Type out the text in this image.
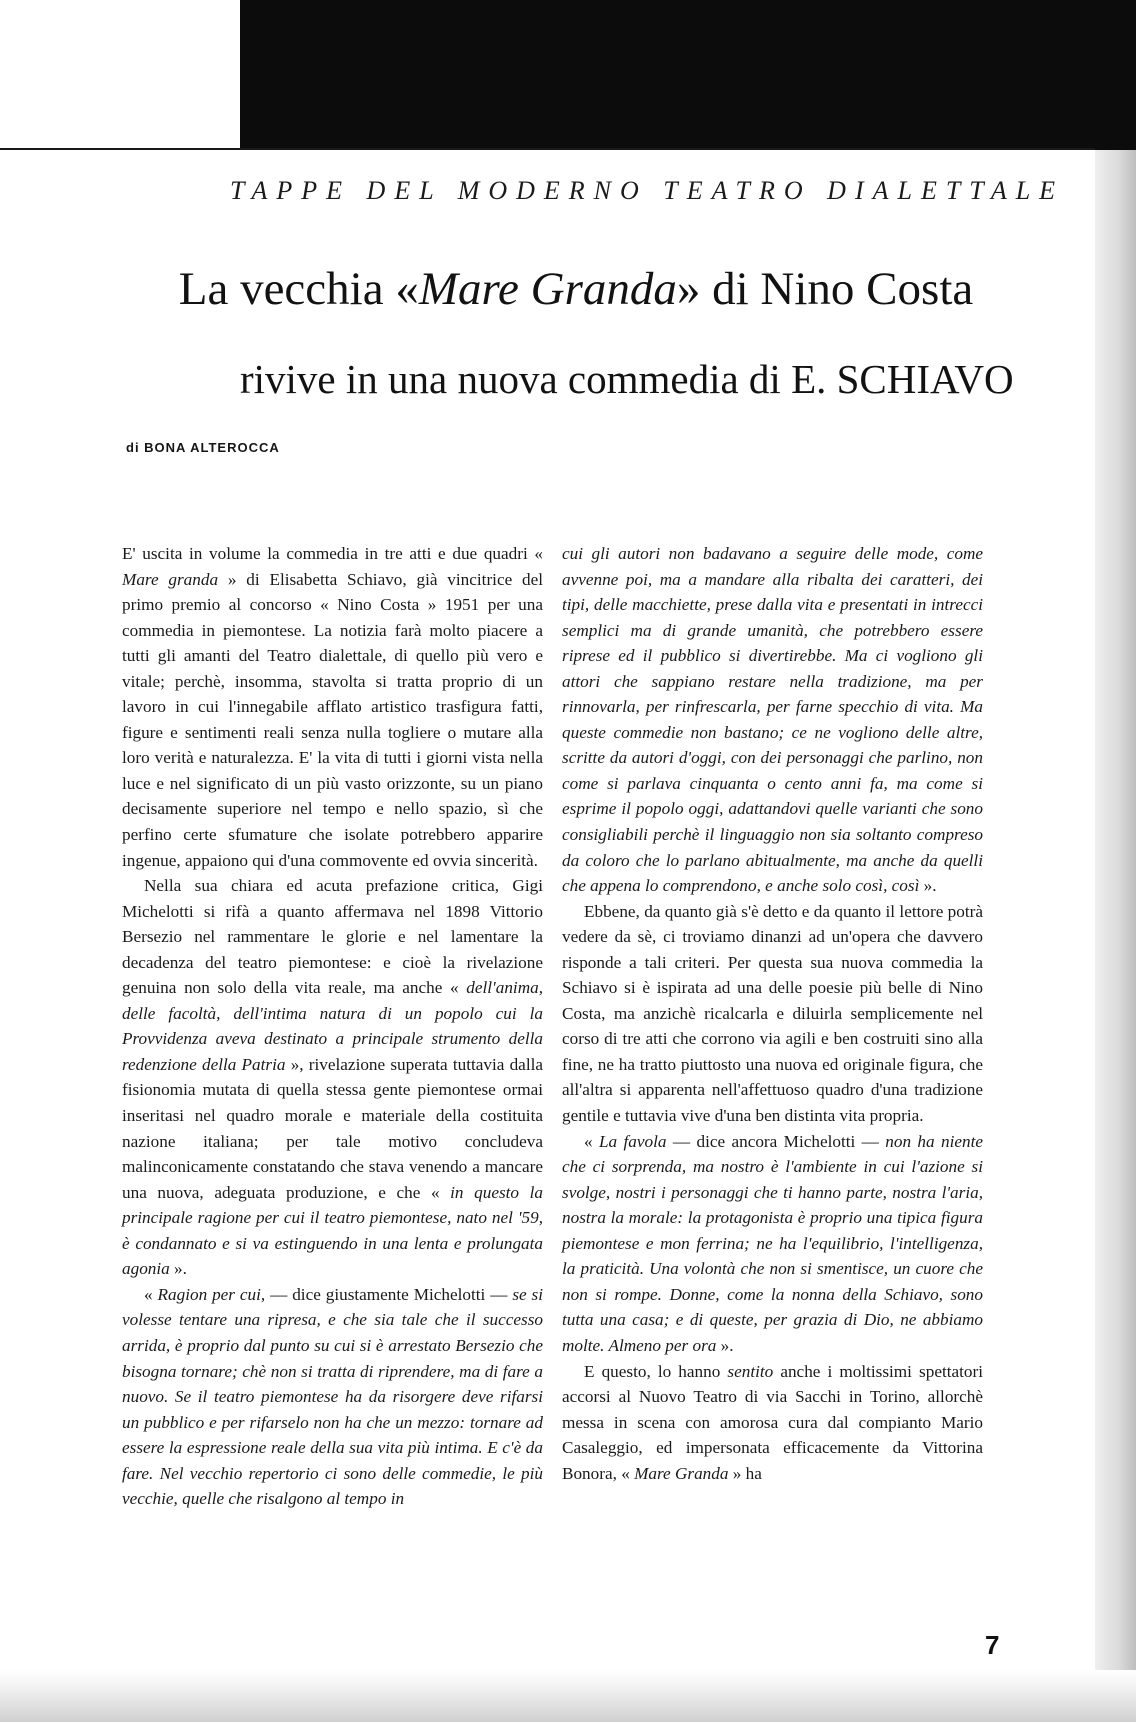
TAPPE DEL MODERNO TEATRO DIALETTALE
La vecchia «Mare Granda» di Nino Costa
rivive in una nuova commedia di E. SCHIAVO
di BONA ALTEROCCA

E' uscita in volume la commedia in tre atti e due quadri « Mare granda » di Elisabetta Schiavo, già vincitrice del primo premio al concorso « Nino Costa » 1951 per una commedia in piemontese. La notizia farà molto piacere a tutti gli amanti del Teatro dialettale, di quello più vero e vitale; perchè, insomma, stavolta si tratta proprio di un lavoro in cui l'innegabile afflato artistico trasfigura fatti, figure e sentimenti reali senza nulla togliere o mutare alla loro verità e naturalezza. E' la vita di tutti i giorni vista nella luce e nel significato di un più vasto orizzonte, su un piano decisamente superiore nel tempo e nello spazio, sì che perfino certe sfumature che isolate potrebbero apparire ingenue, appaiono qui d'una commovente ed ovvia sincerità.

Nella sua chiara ed acuta prefazione critica, Gigi Michelotti si rifà a quanto affermava nel 1898 Vittorio Bersezio nel rammentare le glorie e nel lamentare la decadenza del teatro piemontese: e cioè la rivelazione genuina non solo della vita reale, ma anche « dell'anima, delle facoltà, dell'intima natura di un popolo cui la Provvidenza aveva destinato a principale strumento della redenzione della Patria », rivelazione superata tuttavia dalla fisionomia mutata di quella stessa gente piemontese ormai inseritasi nel quadro morale e materiale della costituita nazione italiana; per tale motivo concludeva malinconicamente constatando che stava venendo a mancare una nuova, adeguata produzione, e che « in questo la principale ragione per cui il teatro piemontese, nato nel '59, è condannato e si va estinguendo in una lenta e prolungata agonia ».

« Ragion per cui, — dice giustamente Michelotti — se si volesse tentare una ripresa, e che sia tale che il successo arrida, è proprio dal punto su cui si è arrestato Bersezio che bisogna tornare; chè non si tratta di riprendere, ma di fare a nuovo. Se il teatro piemontese ha da risorgere deve rifarsi un pubblico e per rifarselo non ha che un mezzo: tornare ad essere la espressione reale della sua vita più intima. E c'è da fare. Nel vecchio repertorio ci sono delle commedie, le più vecchie, quelle che risalgono al tempo in

cui gli autori non badavano a seguire delle mode, come avvenne poi, ma a mandare alla ribalta dei caratteri, dei tipi, delle macchiette, prese dalla vita e presentati in intrecci semplici ma di grande umanità, che potrebbero essere riprese ed il pubblico si divertirebbe. Ma ci vogliono gli attori che sappiano restare nella tradizione, ma per rinnovarla, per rinfrescarla, per farne specchio di vita. Ma queste commedie non bastano; ce ne vogliono delle altre, scritte da autori d'oggi, con dei personaggi che parlino, non come si parlava cinquanta o cento anni fa, ma come si esprime il popolo oggi, adattandovi quelle varianti che sono consigliabili perchè il linguaggio non sia soltanto compreso da coloro che lo parlano abitualmente, ma anche da quelli che appena lo comprendono, e anche solo così, così ».

Ebbene, da quanto già s'è detto e da quanto il lettore potrà vedere da sè, ci troviamo dinanzi ad un'opera che davvero risponde a tali criteri. Per questa sua nuova commedia la Schiavo si è ispirata ad una delle poesie più belle di Nino Costa, ma anzichè ricalcarla e diluirla semplicemente nel corso di tre atti che corrono via agili e ben costruiti sino alla fine, ne ha tratto piuttosto una nuova ed originale figura, che all'altra si apparenta nell'affettuoso quadro d'una tradizione gentile e tuttavia vive d'una ben distinta vita propria.

« La favola — dice ancora Michelotti — non ha niente che ci sorprenda, ma nostro è l'ambiente in cui l'azione si svolge, nostri i personaggi che ti hanno parte, nostra l'aria, nostra la morale: la protagonista è proprio una tipica figura piemontese e mon ferrina; ne ha l'equilibrio, l'intelligenza, la praticità. Una volontà che non si smentisce, un cuore che non si rompe. Donne, come la nonna della Schiavo, sono tutta una casa; e di queste, per grazia di Dio, ne abbiamo molte. Almeno per ora ».

E questo, lo hanno sentito anche i moltissimi spettatori accorsi al Nuovo Teatro di via Sacchi in Torino, allorchè messa in scena con amorosa cura dal compianto Mario Casaleggio, ed impersonata efficacemente da Vittorina Bonora, « Mare Granda » ha

7
